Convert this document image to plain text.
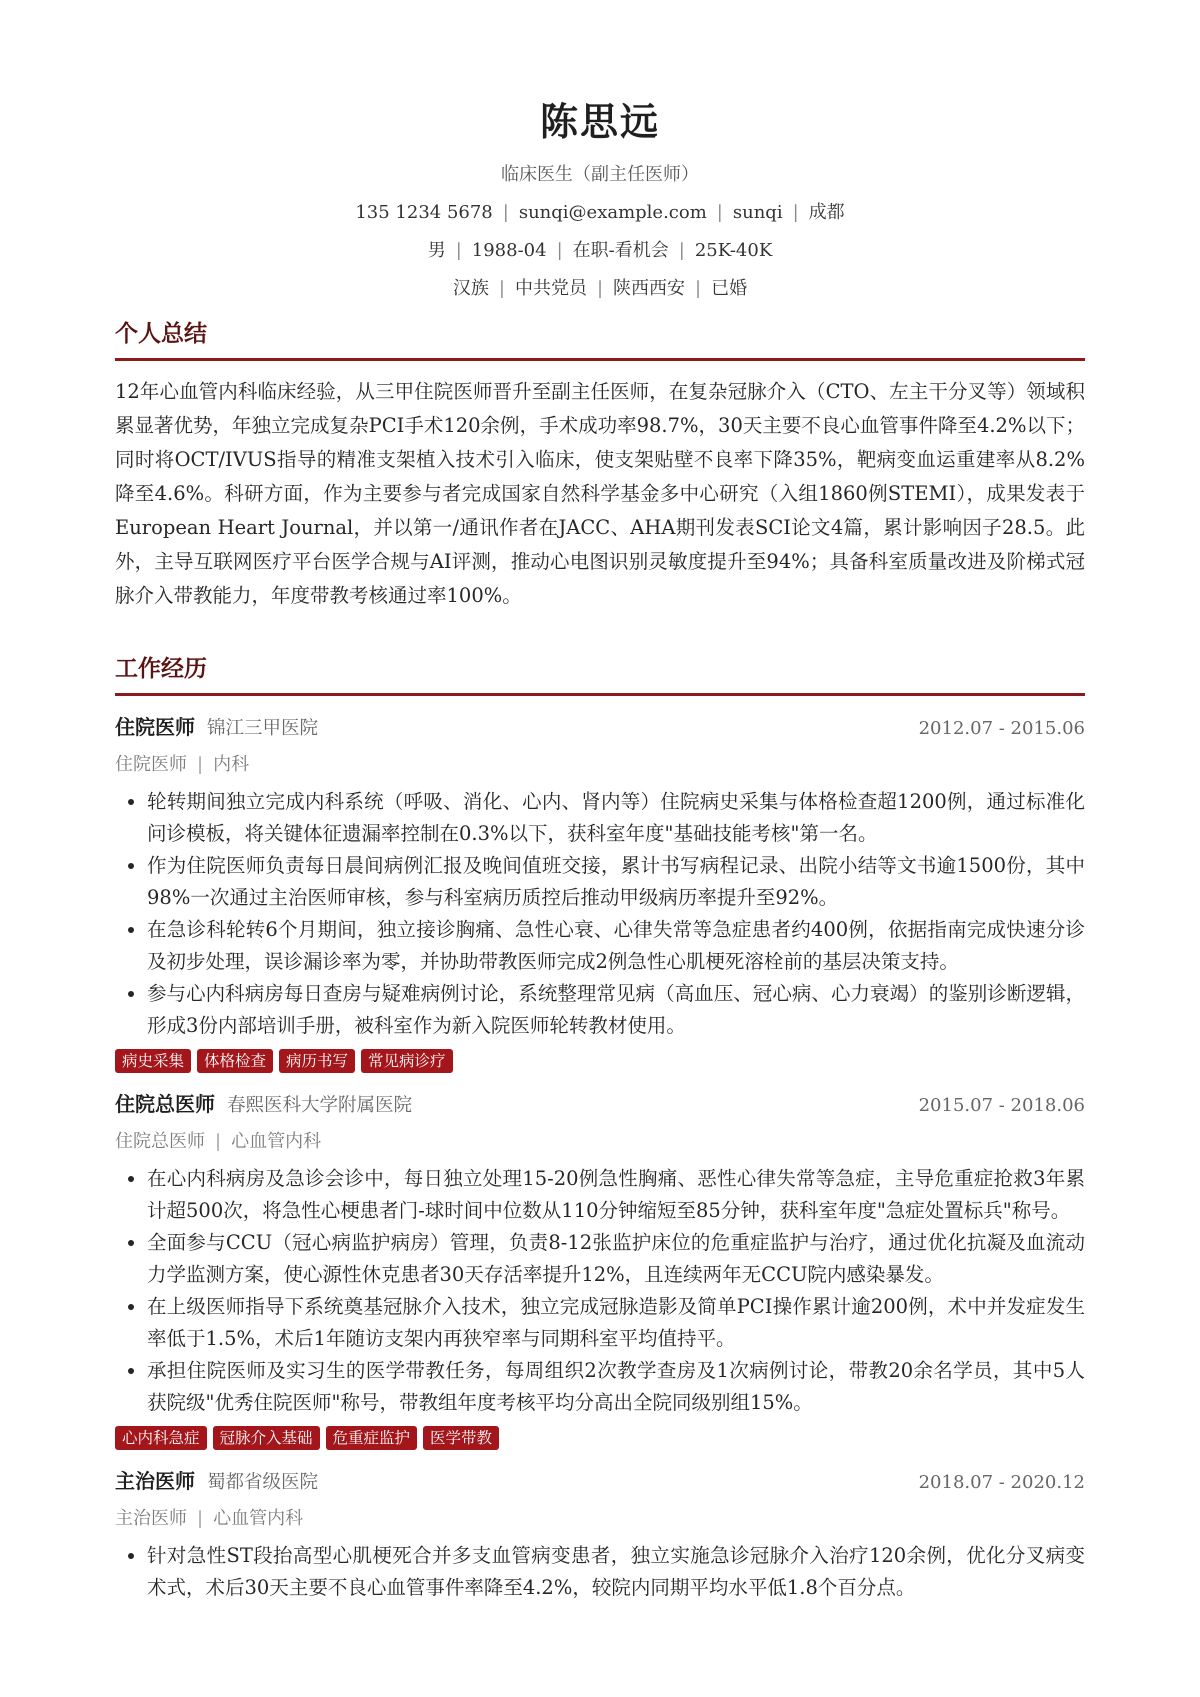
陈思远
临床医生（副主任医师）
135 1234 5678 | sunqi@example.com | sunqi | 成都
男 | 1988-04 | 在职-看机会 | 25K-40K
汉族 | 中共党员 | 陕西西安 | 已婚
个人总结
12年心血管内科临床经验，从三甲住院医师晋升至副主任医师，在复杂冠脉介入（CTO、左主干分叉等）领域积累显著优势，年独立完成复杂PCI手术120余例，手术成功率98.7%，30天主要不良心血管事件降至4.2%以下；同时将OCT/IVUS指导的精准支架植入技术引入临床，使支架贴壁不良率下降35%，靶病变血运重建率从8.2%降至4.6%。科研方面，作为主要参与者完成国家自然科学基金多中心研究（入组1860例STEMI），成果发表于European Heart Journal，并以第一/通讯作者在JACC、AHA期刊发表SCI论文4篇，累计影响因子28.5。此外，主导互联网医疗平台医学合规与AI评测，推动心电图识别灵敏度提升至94%；具备科室质量改进及阶梯式冠脉介入带教能力，年度带教考核通过率100%。
工作经历
住院医师 锦江三甲医院	2012.07 - 2015.06
住院医师 | 内科
• 轮转期间独立完成内科系统（呼吸、消化、心内、肾内等）住院病史采集与体格检查超1200例，通过标准化问诊模板，将关键体征遗漏率控制在0.3%以下，获科室年度"基础技能考核"第一名。
• 作为住院医师负责每日晨间病例汇报及晚间值班交接，累计书写病程记录、出院小结等文书逾1500份，其中98%一次通过主治医师审核，参与科室病历质控后推动甲级病历率提升至92%。
• 在急诊科轮转6个月期间，独立接诊胸痛、急性心衰、心律失常等急症患者约400例，依据指南完成快速分诊及初步处理，误诊漏诊率为零，并协助带教医师完成2例急性心肌梗死溶栓前的基层决策支持。
• 参与心内科病房每日查房与疑难病例讨论，系统整理常见病（高血压、冠心病、心力衰竭）的鉴别诊断逻辑，形成3份内部培训手册，被科室作为新入院医师轮转教材使用。
病史采集	体格检查	病历书写	常见病诊疗
住院总医师 春熙医科大学附属医院	2015.07 - 2018.06
住院总医师 | 心血管内科
• 在心内科病房及急诊会诊中，每日独立处理15-20例急性胸痛、恶性心律失常等急症，主导危重症抢救3年累计超500次，将急性心梗患者门-球时间中位数从110分钟缩短至85分钟，获科室年度"急症处置标兵"称号。
• 全面参与CCU（冠心病监护病房）管理，负责8-12张监护床位的危重症监护与治疗，通过优化抗凝及血流动力学监测方案，使心源性休克患者30天存活率提升12%，且连续两年无CCU院内感染暴发。
• 在上级医师指导下系统奠基冠脉介入技术，独立完成冠脉造影及简单PCI操作累计逾200例，术中并发症发生率低于1.5%，术后1年随访支架内再狭窄率与同期科室平均值持平。
• 承担住院医师及实习生的医学带教任务，每周组织2次教学查房及1次病例讨论，带教20余名学员，其中5人获院级"优秀住院医师"称号，带教组年度考核平均分高出全院同级别组15%。
心内科急症	冠脉介入基础	危重症监护	医学带教
主治医师 蜀都省级医院	2018.07 - 2020.12
主治医师 | 心血管内科
• 针对急性ST段抬高型心肌梗死合并多支血管病变患者，独立实施急诊冠脉介入治疗120余例，优化分叉病变术式，术后30天主要不良心血管事件率降至4.2%，较院内同期平均水平低1.8个百分点。
